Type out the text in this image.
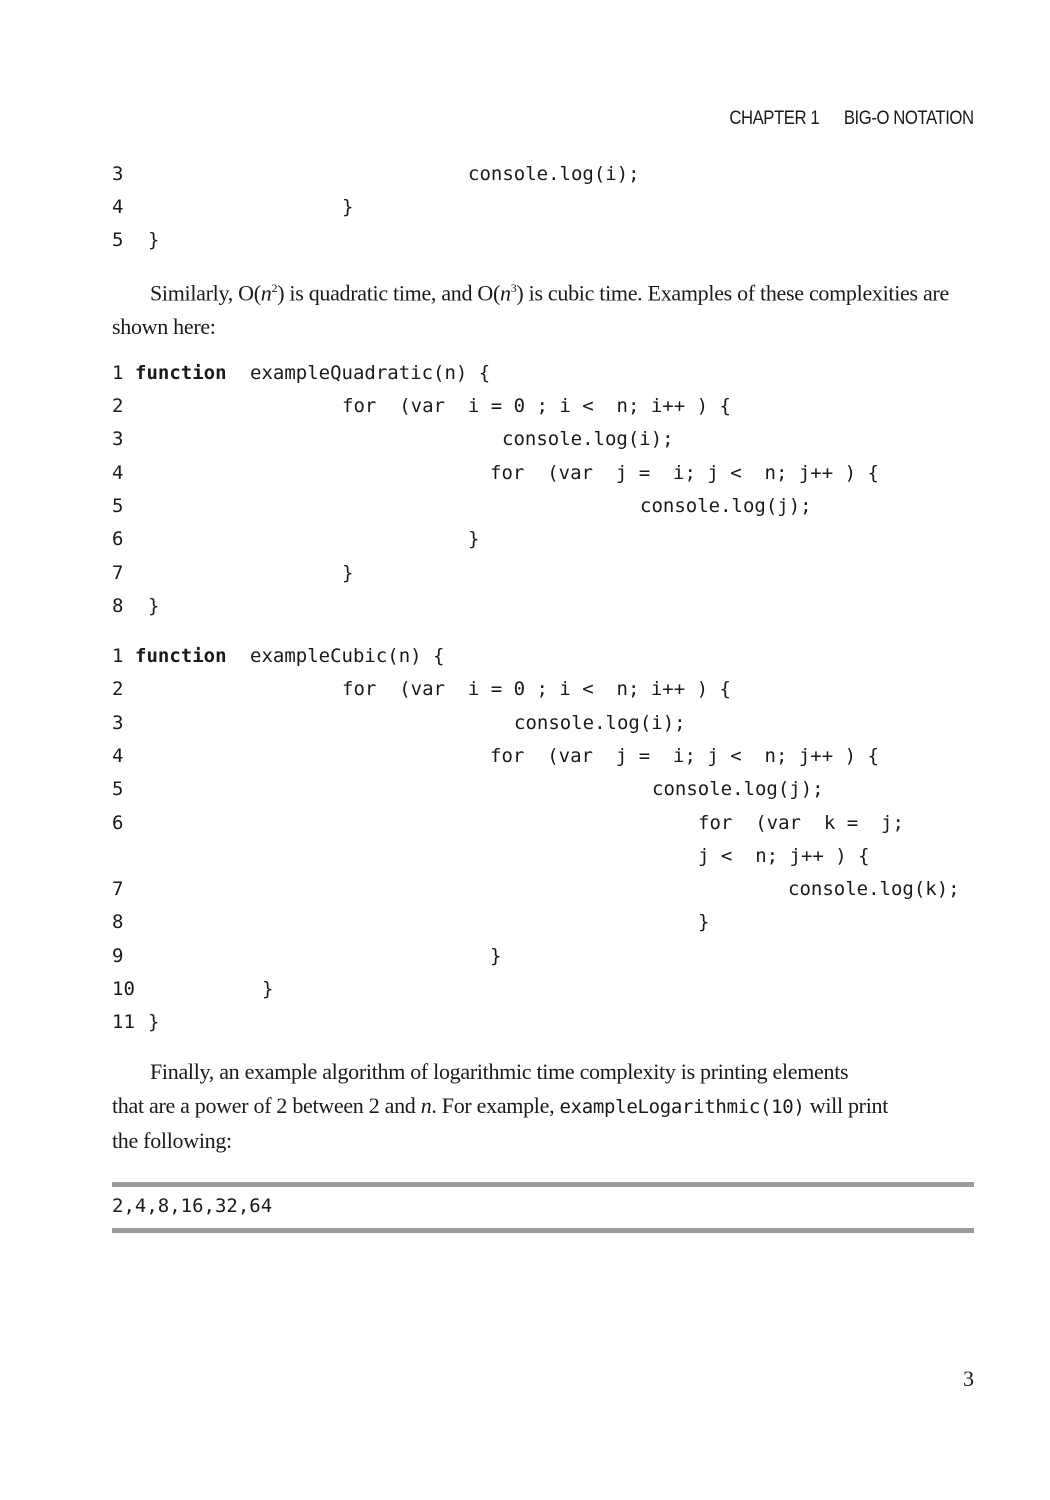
CHAPTER 1 BIG-O NOTATION
3	console.log(i);
4	}
5 }
Similarly, $O(n^2)$ is quadratic time, and $O(n^3)$ is cubic time. Examples of these complexities are shown here:
1 function exampleQuadratic(n) {
2	for  (var  i = 0 ; i <  n; i++ ) {
3	console.log(i);
4	for  (var  j =  i; j <  n; j++ ) {
5	console.log(j);
6	}
7	}
8 }
1 function exampleCubic(n) {
2	for  (var  i = 0 ; i <  n; i++ ) {
3	console.log(i);
4	for  (var  j =  i; j <  n; j++ ) {
5	console.log(j);
6	for  (var  k =  j;
j <  n; j++ ) {
7	console.log(k);
8	}
9	}
10	}
11 }
Finally, an example algorithm of logarithmic time complexity is printing elements
that are a power of 2 between 2 and n. For example, exampleLogarithmic(10) will print
the following:
2,4,8,16,32,64
3
